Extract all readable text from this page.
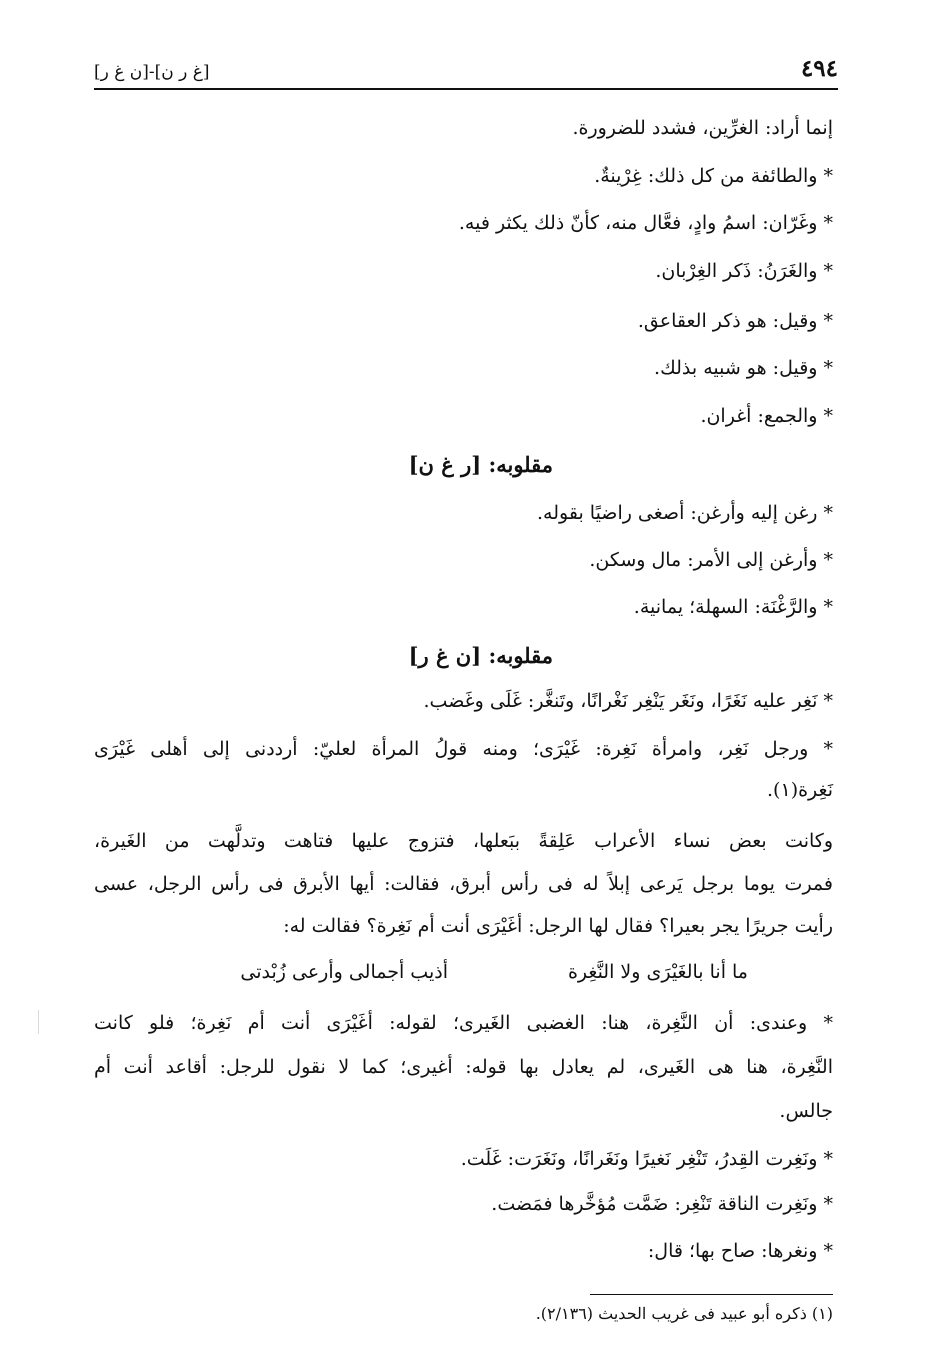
٤٩٤
[غ ر ن]-[ن غ ر]
إنما أراد: الغرِّين، فشدد للضرورة.
* والطائفة من كل ذلك: غِرْينةٌ.
* وغَرّان: اسمُ وادٍ، فعَّال منه، كأنّ ذلك يكثر فيه.
* والغَرَنُ: ذَكر الغِرْبان.
* وقيل: هو ذكر العقاعق.
* وقيل: هو شبيه بذلك.
* والجمع: أغران.
مقلوبه: [ر غ ن]
* رغن إليه وأرغن: أصغى راضيًا بقوله.
* وأرغن إلى الأمر: مال وسكن.
* والرَّغْنَة: السهلة؛ يمانية.
مقلوبه: [ن غ ر]
* نَغِر عليه نَغَرًا، ونَغَر يَنْغِر نَغْرانًا، وتَنغَّر: غَلَى وغَضب.
* ورجل نَغِر، وامرأة نَغِرة: غَيْرَى؛ ومنه قولُ المرأة لعليّ: أرددنى إلى أهلى غَيْرَى
نَغِرة(١).
وكانت بعض نساء الأعراب عَلِقةً ببَعلها، فتزوج عليها فتاهت وتدلَّهت من الغَيرة،
فمرت يوما برجل يَرعى إبلاً له فى رأس أبرق، فقالت: أيها الأبرق فى رأس الرجل، عسى
رأيت جريرًا يجر بعيرا؟ فقال لها الرجل: أغَيْرَى أنت أم نَغِرة؟ فقالت له:
ما أنا بالغَيْرَى ولا النَّغِرة
أذيب أجمالى وأرعى زُبْدتى
* وعندى: أن النَّغِرة، هنا: الغضبى الغَيرى؛ لقوله: أغَيْرَى أنت أم نَغِرة؛ فلو كانت
النَّغِرة، هنا هى الغَيرى، لم يعادل بها قوله: أغيرى؛ كما لا نقول للرجل: أقاعد أنت أم
جالس.
* ونَغِرت القِدرُ، تَنْغِر نَغيرًا ونَغَرانًا، ونَغَرَت: غَلَت.
* ونَغِرت الناقة تَنْغِر: ضَمَّت مُؤخَّرها فمَضت.
* ونغرها: صاح بها؛ قال:
(١) ذكره أبو عبيد فى غريب الحديث (٢/١٣٦).
